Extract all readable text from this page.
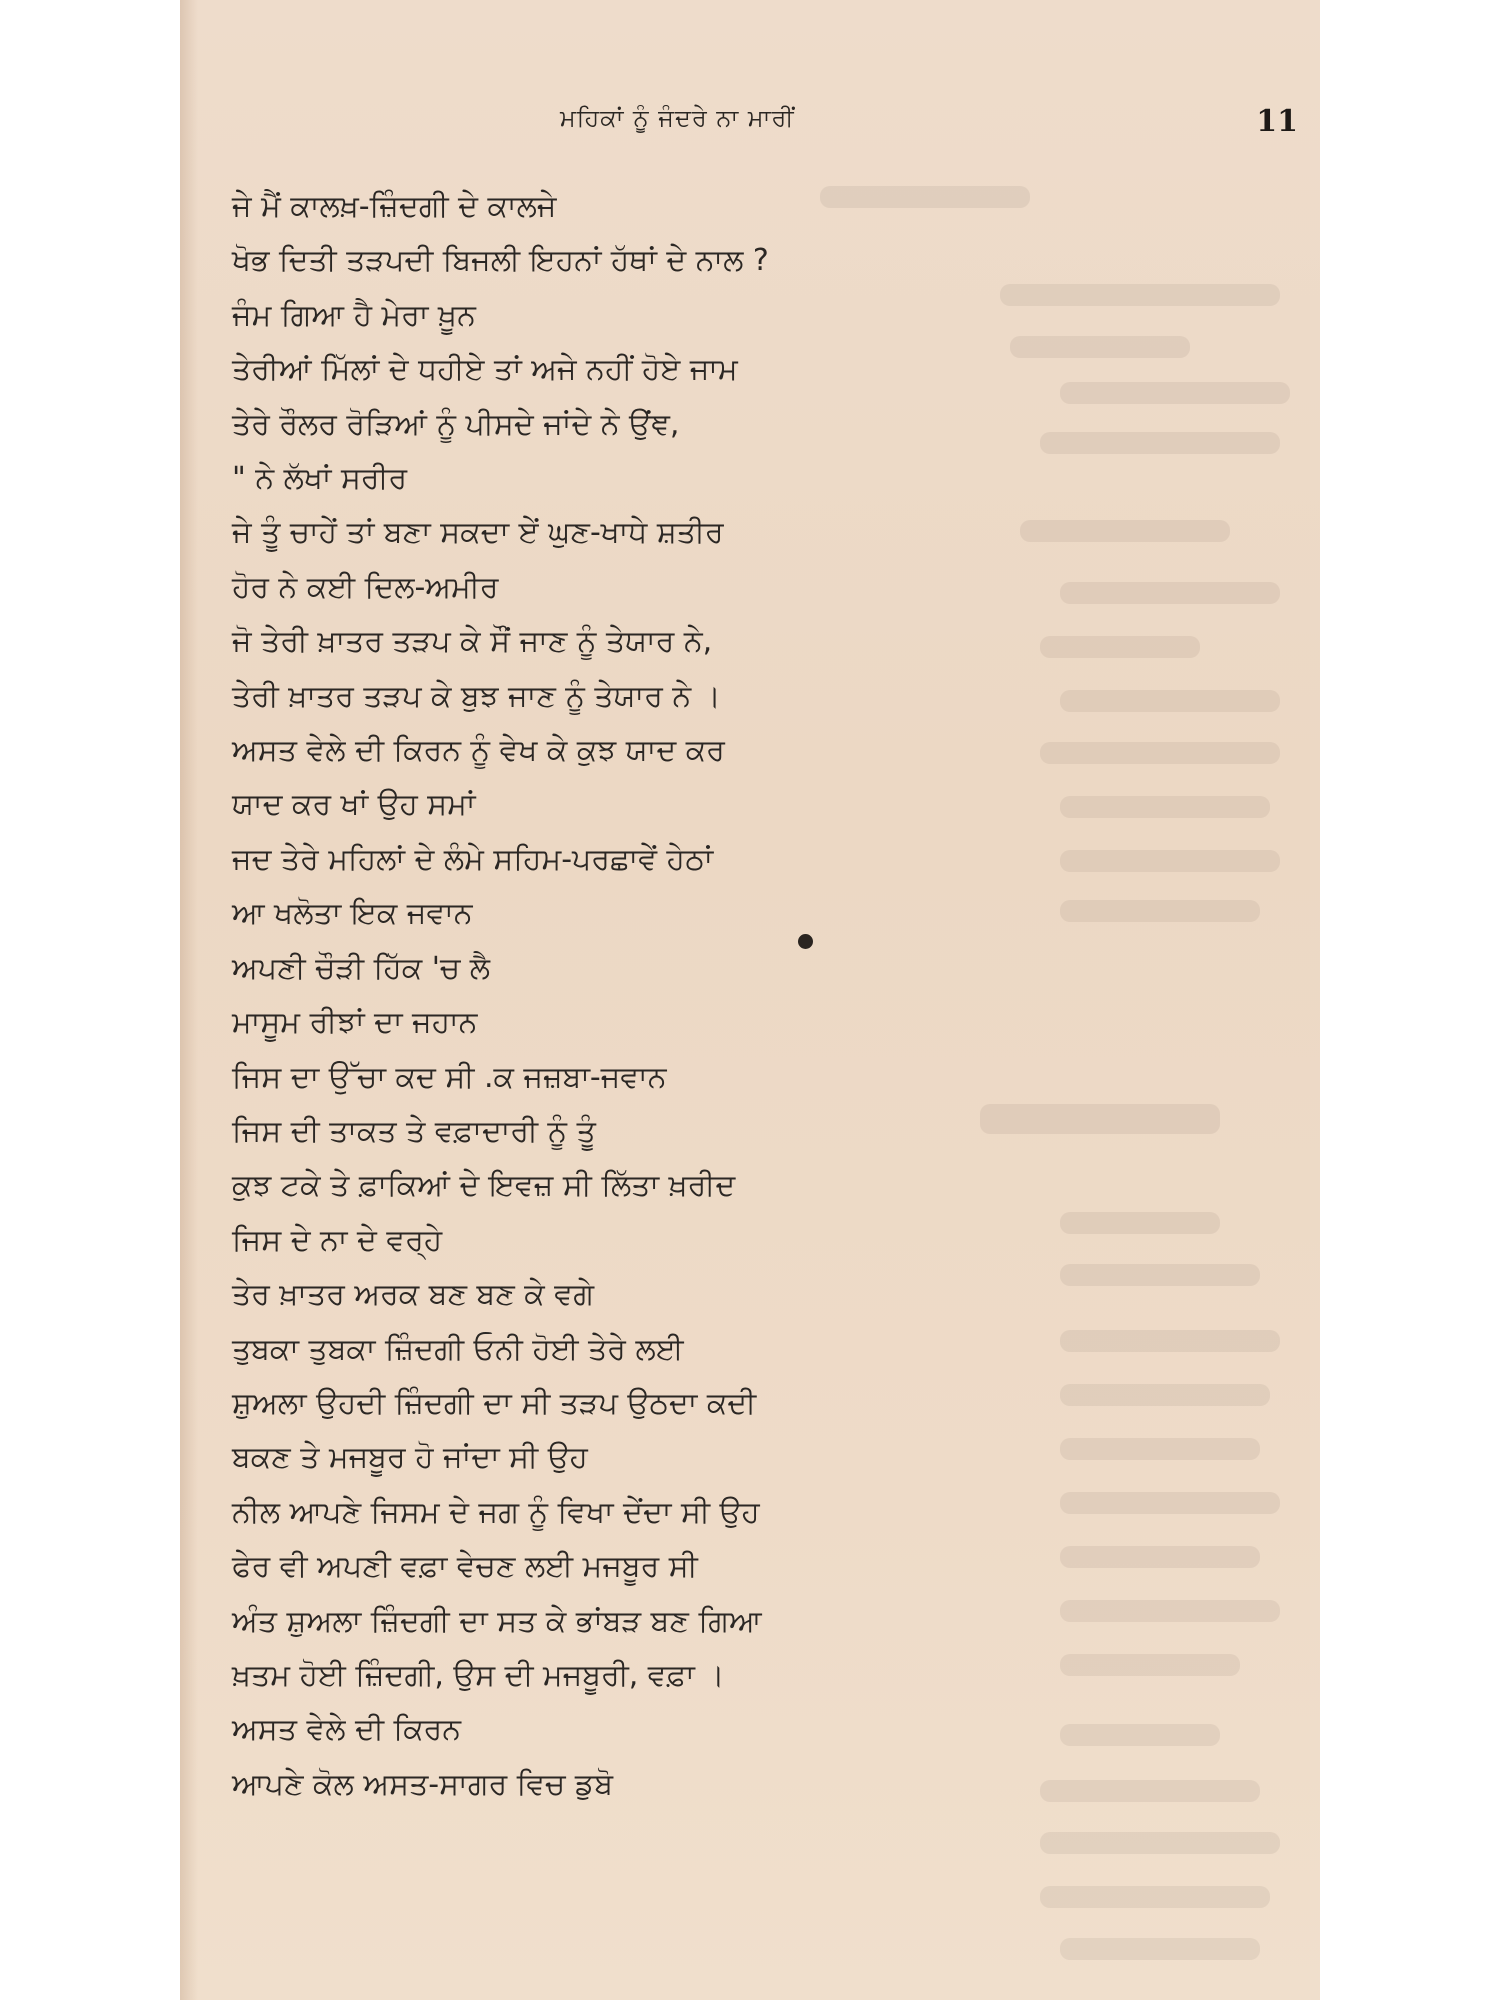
ਮਹਿਕਾਂ ਨੂੰ ਜੰਦਰੇ ਨਾ ਮਾਰੀਂ	11
ਜੇ ਮੈਂ ਕਾਲਖ਼-ਜ਼ਿੰਦਗੀ ਦੇ ਕਾਲਜੇ
ਖੋਭ ਦਿਤੀ ਤੜਪਦੀ ਬਿਜਲੀ ਇਹਨਾਂ ਹੱਥਾਂ ਦੇ ਨਾਲ ?
ਜੰਮ ਗਿਆ ਹੈ ਮੇਰਾ ਖ਼ੂਨ
ਤੇਰੀਆਂ ਮਿੱਲਾਂ ਦੇ ਧਹੀਏ ਤਾਂ ਅਜੇ ਨਹੀਂ ਹੋਏ ਜਾਮ
ਤੇਰੇ ਰੌਲਰ ਰੋੜਿਆਂ ਨੂੰ ਪੀਸਦੇ ਜਾਂਦੇ ਨੇ ਉਂਞ,
" ਨੇ ਲੱਖਾਂ ਸਰੀਰ
ਜੇ ਤੂੰ ਚਾਹੇਂ ਤਾਂ ਬਣਾ ਸਕਦਾ ਏਂ ਘੁਣ-ਖਾਧੇ ਸ਼ਤੀਰ
ਹੋਰ ਨੇ ਕਈ ਦਿਲ-ਅਮੀਰ
ਜੋ ਤੇਰੀ ਖ਼ਾਤਰ ਤੜਪ ਕੇ ਸੌਂ ਜਾਣ ਨੂੰ ਤੇਯਾਰ ਨੇ,
ਤੇਰੀ ਖ਼ਾਤਰ ਤੜਪ ਕੇ ਬੁਝ ਜਾਣ ਨੂੰ ਤੇਯਾਰ ਨੇ ।
ਅਸਤ ਵੇਲੇ ਦੀ ਕਿਰਨ ਨੂੰ ਵੇਖ ਕੇ ਕੁਝ ਯਾਦ ਕਰ
ਯਾਦ ਕਰ ਖਾਂ ਉਹ ਸਮਾਂ
ਜਦ ਤੇਰੇ ਮਹਿਲਾਂ ਦੇ ਲੰਮੇ ਸਹਿਮ-ਪਰਛਾਵੇਂ ਹੇਠਾਂ
ਆ ਖਲੋਤਾ ਇਕ ਜਵਾਨ
ਅਪਣੀ ਚੌੜੀ ਹਿੱਕ 'ਚ ਲੈ
ਮਾਸੂਮ ਰੀਝਾਂ ਦਾ ਜਹਾਨ
ਜਿਸ ਦਾ ਉੱਚਾ ਕਦ ਸੀ .ਕ ਜਜ਼ਬਾ-ਜਵਾਨ
ਜਿਸ ਦੀ ਤਾਕਤ ਤੇ ਵਫ਼ਾਦਾਰੀ ਨੂੰ ਤੂੰ
ਕੁਝ ਟਕੇ ਤੇ ਫ਼ਾਕਿਆਂ ਦੇ ਇਵਜ਼ ਸੀ ਲਿੱਤਾ ਖ਼ਰੀਦ
ਜਿਸ ਦੇ ਨਾ ਦੇ ਵਰ੍ਹੇ
ਤੇਰ ਖ਼ਾਤਰ ਅਰਕ ਬਣ ਬਣ ਕੇ ਵਗੇ
ਤੁਬਕਾ ਤੁਬਕਾ ਜ਼ਿੰਦਗੀ ਓਨੀ ਹੋਈ ਤੇਰੇ ਲਈ
ਸ਼ੁਅਲਾ ਉਹਦੀ ਜ਼ਿੰਦਗੀ ਦਾ ਸੀ ਤੜਪ ਉਠਦਾ ਕਦੀ
ਬਕਣ ਤੇ ਮਜਬੂਰ ਹੋ ਜਾਂਦਾ ਸੀ ਉਹ
ਨੀਲ ਆਪਣੇ ਜਿਸਮ ਦੇ ਜਗ ਨੂੰ ਵਿਖਾ ਦੇਂਦਾ ਸੀ ਉਹ
ਫੇਰ ਵੀ ਅਪਣੀ ਵਫ਼ਾ ਵੇਚਣ ਲਈ ਮਜਬੂਰ ਸੀ
ਅੰਤ ਸ਼ੁਅਲਾ ਜ਼ਿੰਦਗੀ ਦਾ ਸਤ ਕੇ ਭਾਂਬੜ ਬਣ ਗਿਆ
ਖ਼ਤਮ ਹੋਈ ਜ਼ਿੰਦਗੀ, ਉਸ ਦੀ ਮਜਬੂਰੀ, ਵਫ਼ਾ ।
ਅਸਤ ਵੇਲੇ ਦੀ ਕਿਰਨ
ਆਪਣੇ ਕੋਲ ਅਸਤ-ਸਾਗਰ ਵਿਚ ਡੁਬੋ
